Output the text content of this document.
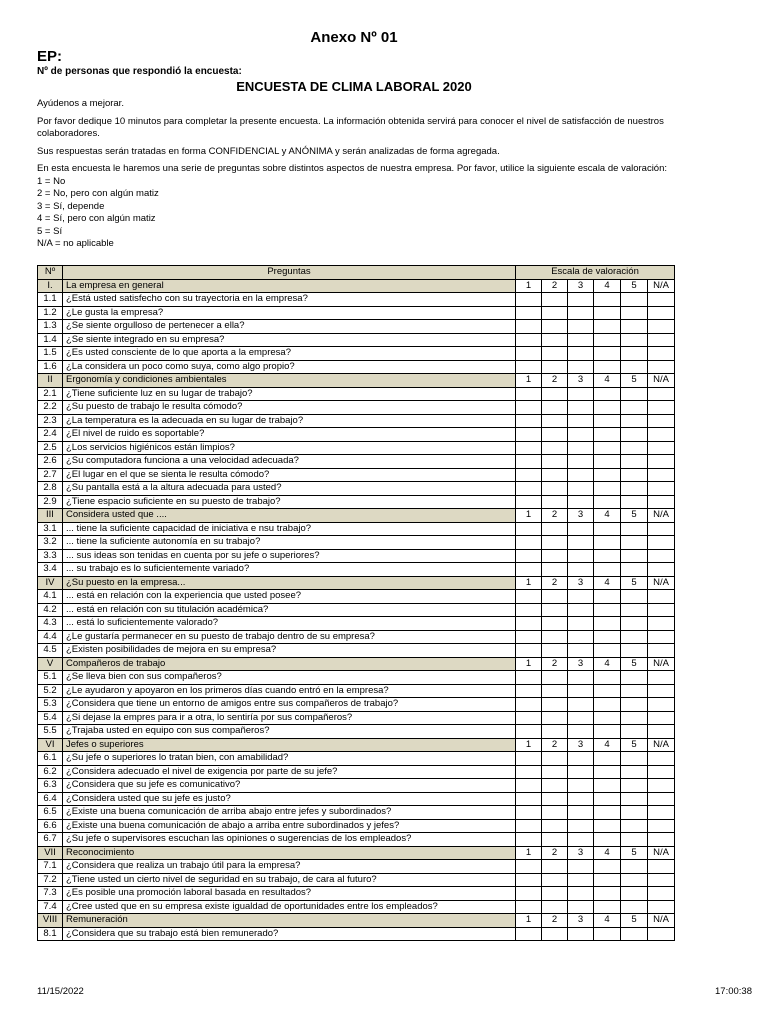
Anexo Nº 01
EP:
Nº de personas que respondió la encuesta:
ENCUESTA DE CLIMA LABORAL 2020

Ayúdenos a mejorar.

Por favor dedique 10 minutos para completar la presente encuesta. La información obtenida servirá para conocer el nivel de satisfacción de nuestros colaboradores.

Sus respuestas serán tratadas en forma CONFIDENCIAL y ANÓNIMA y serán analizadas de forma agregada.

En esta encuesta le haremos una serie de preguntas sobre distintos aspectos de nuestra empresa. Por favor, utilice la siguiente escala de valoración:

1 = No

2 = No, pero con algún matiz

3 = Sí, depende

4 = Sí, pero con algún matiz

5 = Sí

N/A = no aplicable

Nº	Preguntas	Escala de valoración					
I.	La empresa en general	1	2	3	4	5	N/A
1.1	¿Está usted satisfecho con su trayectoria en la empresa?						
1.2	¿Le gusta la empresa?						
1.3	¿Se siente orgulloso de pertenecer a ella?						
1.4	¿Se siente integrado en su empresa?						
1.5	¿Es usted consciente de lo que aporta a la empresa?						
1.6	¿La considera un poco como suya, como algo propio?						
II	Ergonomía y condiciones ambientales	1	2	3	4	5	N/A
2.1	¿Tiene suficiente luz en su lugar de trabajo?						
2.2	¿Su puesto de trabajo le resulta cómodo?						
2.3	¿La temperatura es la adecuada en su lugar de trabajo?						
2.4	¿El nivel de ruido es soportable?						
2.5	¿Los servicios higiénicos están limpios?						
2.6	¿Su computadora funciona a una velocidad adecuada?						
2.7	¿El lugar en el que se sienta le resulta cómodo?						
2.8	¿Su pantalla está a la altura adecuada para usted?						
2.9	¿Tiene espacio suficiente en su puesto de trabajo?						
III	Considera usted que ....	1	2	3	4	5	N/A
3.1	... tiene la suficiente capacidad de iniciativa e nsu trabajo?						
3.2	... tiene la suficiente autonomía en su trabajo?						
3.3	... sus ideas son tenidas en cuenta por su jefe o superiores?						
3.4	... su trabajo es lo suficientemente variado?						
IV	¿Su puesto en la empresa...	1	2	3	4	5	N/A
4.1	... está en relación con la experiencia que usted posee?						
4.2	... está en relación con su titulación académica?						
4.3	... está lo suficientemente valorado?						
4.4	¿Le gustaría permanecer en su puesto de trabajo dentro de su empresa?						
4.5	¿Existen posibilidades de mejora en su empresa?						
V	Compañeros de trabajo	1	2	3	4	5	N/A
5.1	¿Se lleva bien con sus compañeros?						
5.2	¿Le ayudaron y apoyaron en los primeros días cuando entró en la empresa?						
5.3	¿Considera que tiene un entorno de amigos entre sus compañeros de trabajo?						
5.4	¿Si dejase la empres para ir a otra, lo sentiría por sus compañeros?						
5.5	¿Trajaba usted en equipo con sus compañeros?						
VI	Jefes o superiores	1	2	3	4	5	N/A
6.1	¿Su jefe o superiores lo tratan bien, con amabilidad?						
6.2	¿Considera adecuado el nivel de exigencia por parte de su jefe?						
6.3	¿Considera que su jefe es comunicativo?						
6.4	¿Considera usted que su jefe es justo?						
6.5	¿Existe una buena comunicación de arriba abajo entre jefes y subordinados?						
6.6	¿Existe una buena comunicación de abajo a arriba entre subordinados y jefes?						
6.7	¿Su jefe o supervisores escuchan las opiniones o sugerencias de los empleados?						
VII	Reconocimiento	1	2	3	4	5	N/A
7.1	¿Considera que realiza un trabajo útil para la empresa?						
7.2	¿Tiene usted un cierto nivel de seguridad en su trabajo, de cara al futuro?						
7.3	¿Es posible una promoción laboral basada en resultados?						
7.4	¿Cree usted que en su empresa existe igualdad de oportunidades entre los empleados?						
VIII	Remuneración	1	2	3	4	5	N/A
8.1	¿Considera que su trabajo está bien remunerado?						
11/15/2022	17:00:38
